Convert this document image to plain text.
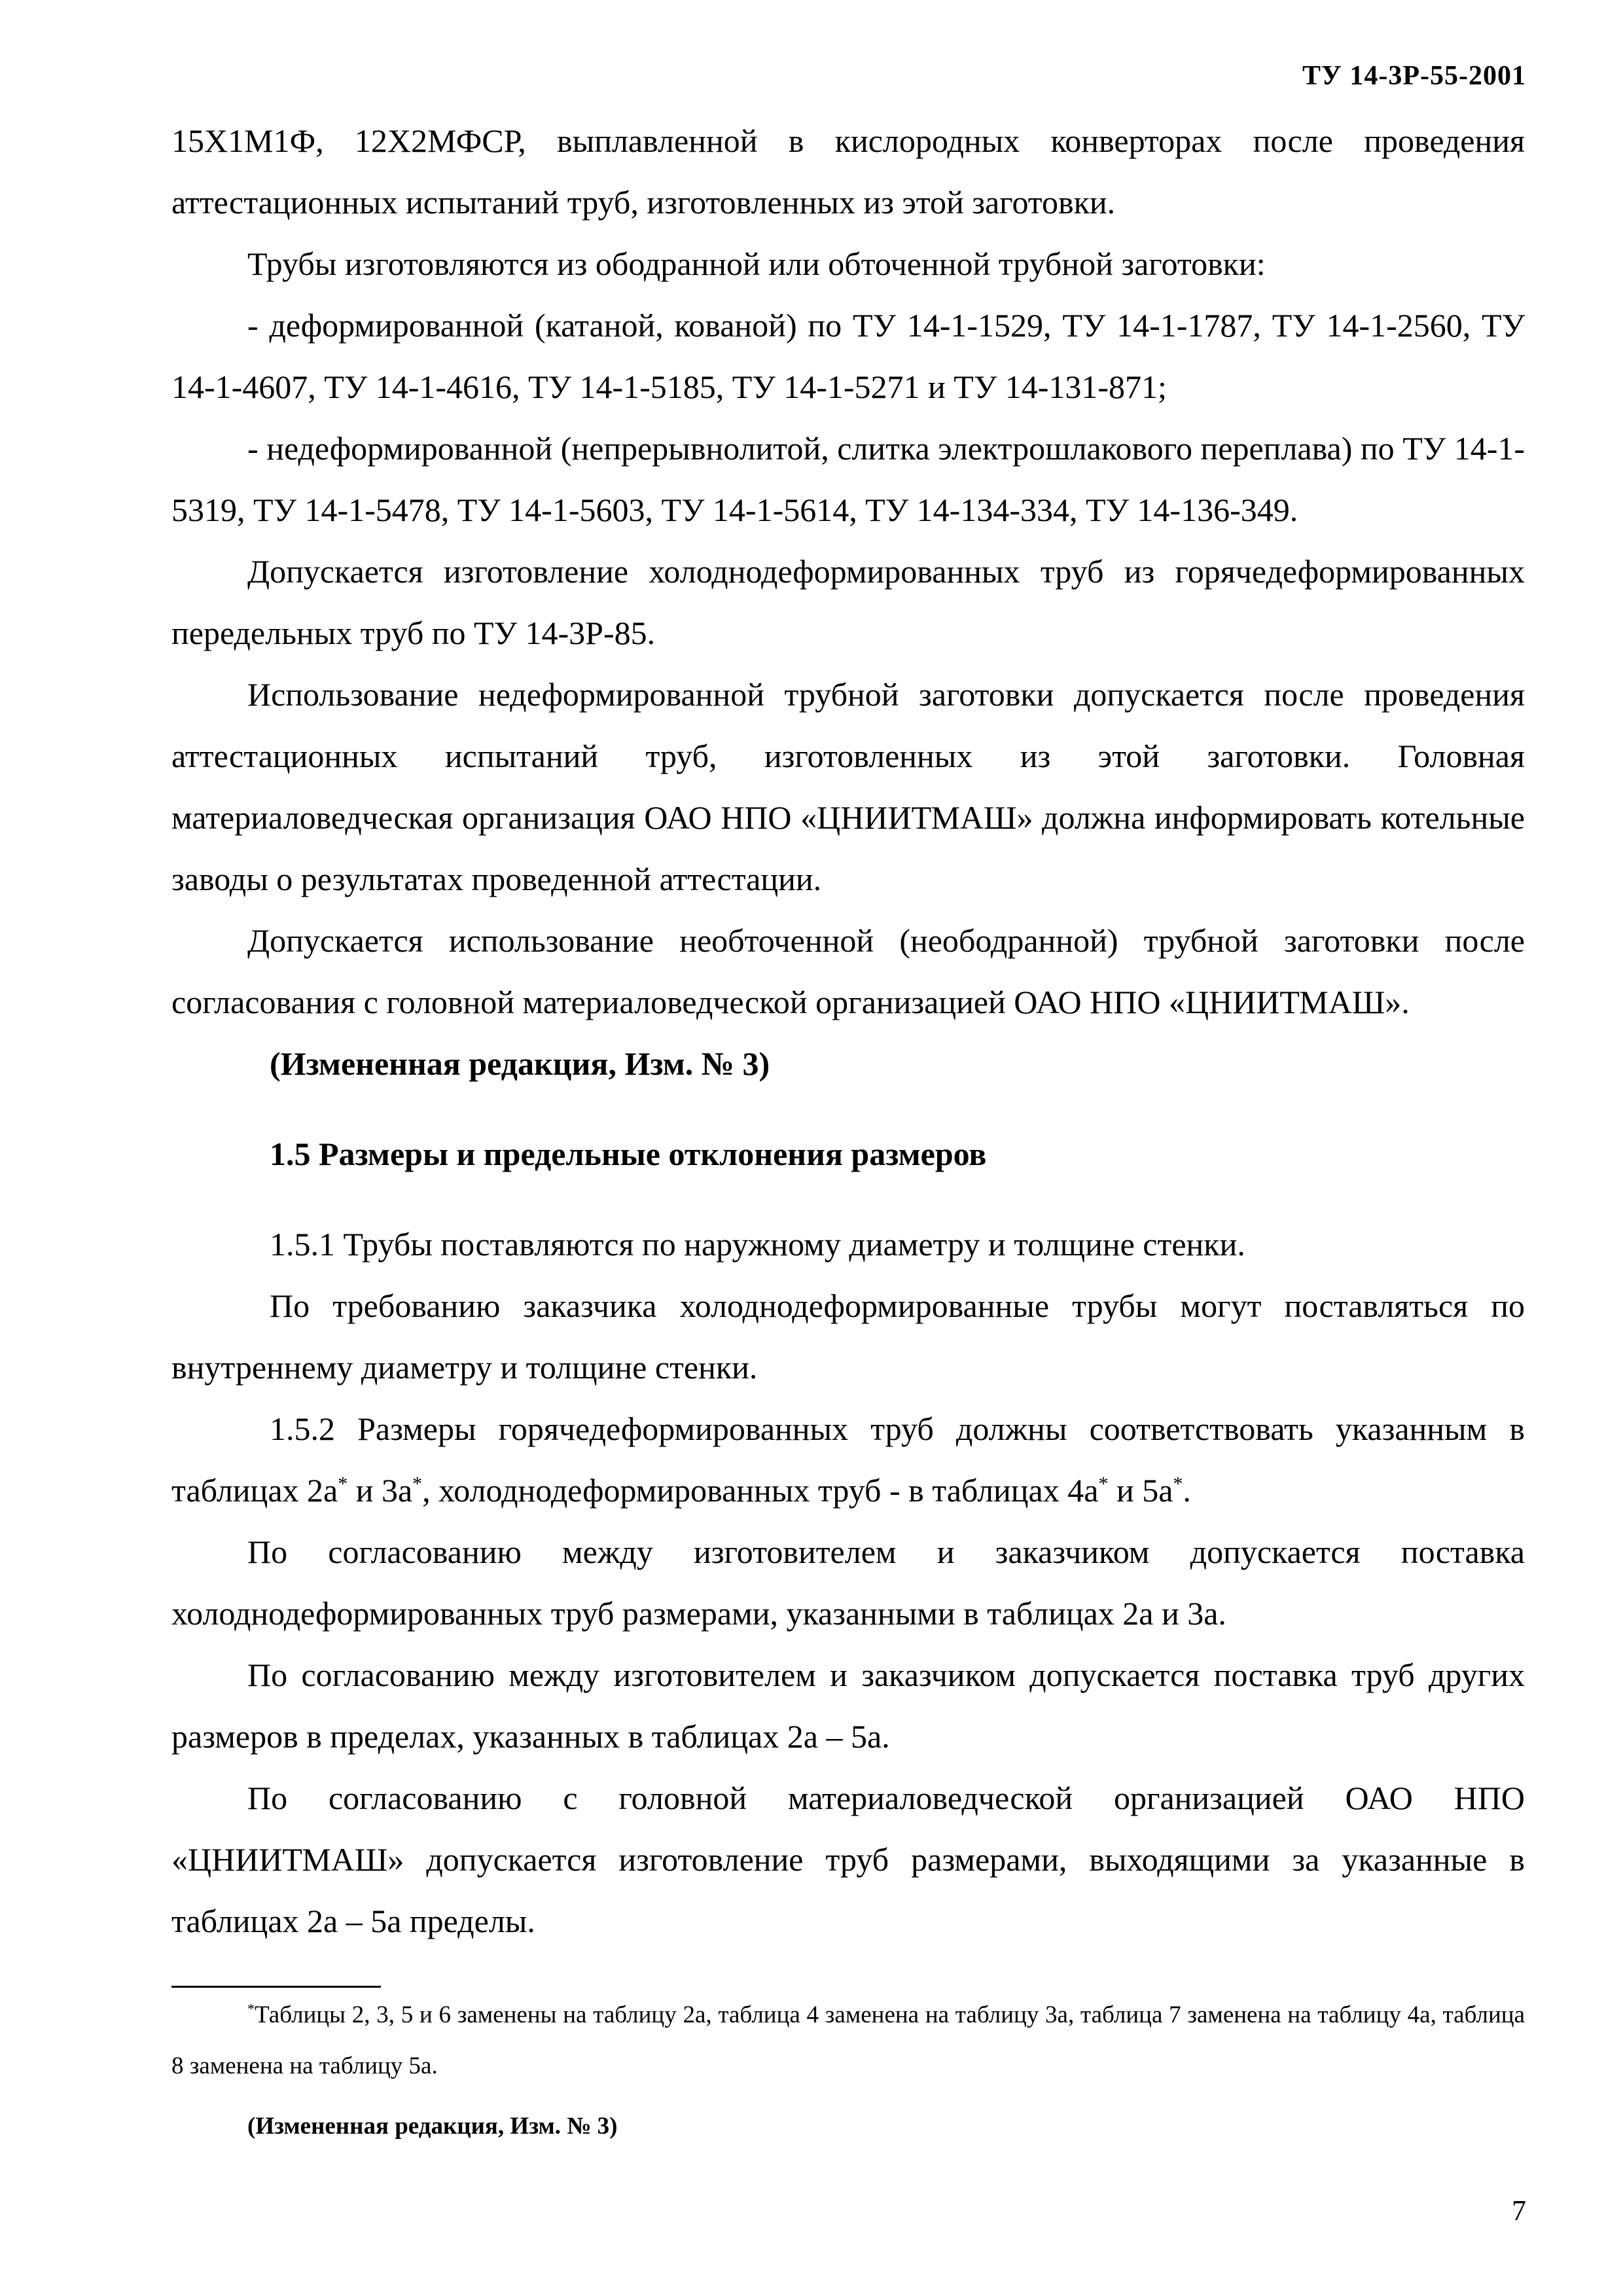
ТУ 14-3Р-55-2001

15Х1М1Ф, 12Х2МФСР, выплавленной в кислородных конверторах после проведения аттестационных испытаний труб, изготовленных из этой заготовки.

Трубы изготовляются из ободранной или обточенной трубной заготовки:

- деформированной (катаной, кованой) по ТУ 14-1-1529, ТУ 14-1-1787, ТУ 14-1-2560, ТУ 14-1-4607, ТУ 14-1-4616, ТУ 14-1-5185, ТУ 14-1-5271 и ТУ 14-131-871;

- недеформированной (непрерывнолитой, слитка электрошлакового переплава) по ТУ 14-1-5319, ТУ 14-1-5478, ТУ 14-1-5603, ТУ 14-1-5614, ТУ 14-134-334, ТУ 14-136-349.

Допускается изготовление холоднодеформированных труб из горячедеформированных передельных труб по ТУ 14-3Р-85.

Использование недеформированной трубной заготовки допускается после проведения аттестационных испытаний труб, изготовленных из этой заготовки. Головная материаловедческая организация ОАО НПО «ЦНИИТМАШ» должна информировать котельные заводы о результатах проведенной аттестации.

Допускается использование необточенной (неободранной) трубной заготовки после согласования с головной материаловедческой организацией ОАО НПО «ЦНИИТМАШ».

(Измененная редакция, Изм. № 3)

1.5 Размеры и предельные отклонения размеров

1.5.1 Трубы поставляются по наружному диаметру и толщине стенки.

По требованию заказчика холоднодеформированные трубы могут поставляться по внутреннему диаметру и толщине стенки.

1.5.2 Размеры горячедеформированных труб должны соответствовать указанным в таблицах 2а* и 3а*, холоднодеформированных труб - в таблицах 4а* и 5а*.

По согласованию между изготовителем и заказчиком допускается поставка холоднодеформированных труб размерами, указанными в таблицах 2а и 3а.

По согласованию между изготовителем и заказчиком допускается поставка труб других размеров в пределах, указанных в таблицах 2а – 5а.

По согласованию с головной материаловедческой организацией ОАО НПО «ЦНИИТМАШ» допускается изготовление труб размерами, выходящими за указанные в таблицах 2а – 5а пределы.

*Таблицы 2, 3, 5 и 6 заменены на таблицу 2а, таблица 4 заменена на таблицу 3а, таблица 7 заменена на таблицу 4а, таблица 8 заменена на таблицу 5а.

(Измененная редакция, Изм. № 3)

7
